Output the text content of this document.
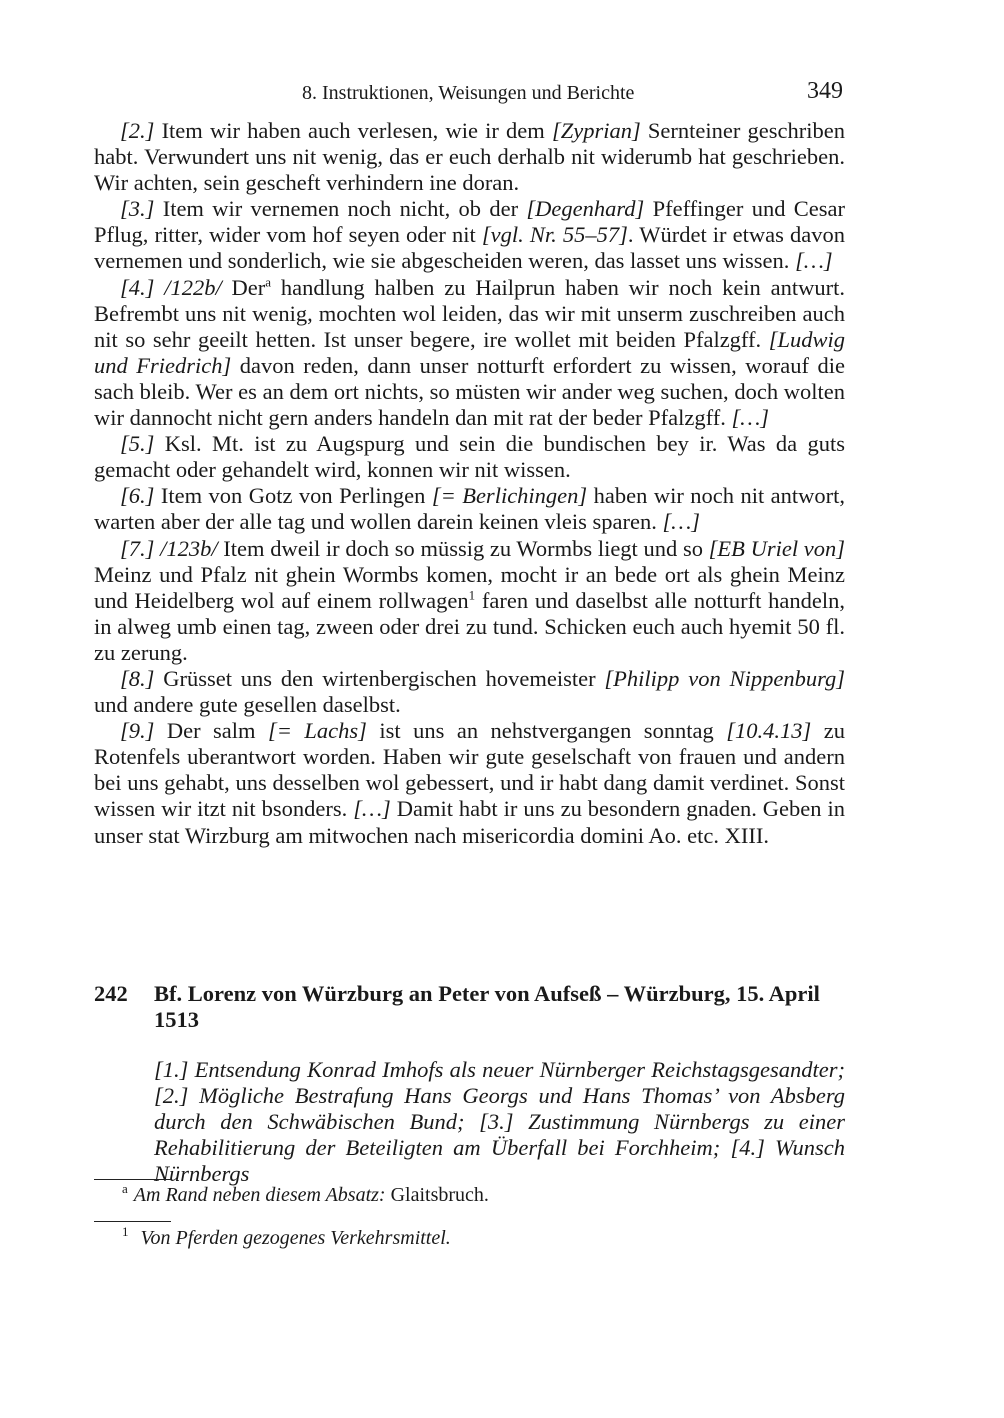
8. Instruktionen, Weisungen und Berichte	349

[2.] Item wir haben auch verlesen, wie ir dem [Zyprian] Sernteiner geschriben habt. Verwundert uns nit wenig, das er euch derhalb nit widerumb hat geschrieben. Wir achten, sein gescheft verhindern ine doran.

[3.] Item wir vernemen noch nicht, ob der [Degenhard] Pfeffinger und Cesar Pflug, ritter, wider vom hof seyen oder nit [vgl. Nr. 55–57]. Würdet ir etwas davon vernemen und sonderlich, wie sie abgescheiden weren, das lasset uns wissen. […]

[4.] /122b/ Der$^a$ handlung halben zu Hailprun haben wir noch kein antwurt. Befrembt uns nit wenig, mochten wol leiden, das wir mit unserm zuschreiben auch nit so sehr geeilt hetten. Ist unser begere, ire wollet mit beiden Pfalzgff. [Ludwig und Friedrich] davon reden, dann unser notturft erfordert zu wissen, worauf die sach bleib. Wer es an dem ort nichts, so müsten wir ander weg suchen, doch wolten wir dannocht nicht gern anders handeln dan mit rat der beder Pfalzgff. […]

[5.] Ksl. Mt. ist zu Augspurg und sein die bundischen bey ir. Was da guts gemacht oder gehandelt wird, konnen wir nit wissen.

[6.] Item von Gotz von Perlingen [= Berlichingen] haben wir noch nit antwort, warten aber der alle tag und wollen darein keinen vleis sparen. […]

[7.] /123b/ Item dweil ir doch so müssig zu Wormbs liegt und so [EB Uriel von] Meinz und Pfalz nit ghein Wormbs komen, mocht ir an bede ort als ghein Meinz und Heidelberg wol auf einem rollwagen$^1$ faren und daselbst alle notturft handeln, in alweg umb einen tag, zween oder drei zu tund. Schicken euch auch hyemit 50 fl. zu zerung.

[8.] Grüsset uns den wirtenbergischen hovemeister [Philipp von Nippenburg] und andere gute gesellen daselbst.

[9.] Der salm [= Lachs] ist uns an nehstvergangen sonntag [10.4.13] zu Rotenfels uberantwort worden. Haben wir gute geselschaft von frauen und andern bei uns gehabt, uns desselben wol gebessert, und ir habt dang damit verdinet. Sonst wissen wir itzt nit bsonders. […] Damit habt ir uns zu besondern gnaden. Geben in unser stat Wirzburg am mitwochen nach misericordia domini Ao. etc. XIII.

242 Bf. Lorenz von Würzburg an Peter von Aufseß – Würzburg, 15. April 1513

[1.] Entsendung Konrad Imhofs als neuer Nürnberger Reichstagsgesandter; [2.] Mögliche Bestrafung Hans Georgs und Hans Thomas’ von Absberg durch den Schwäbischen Bund; [3.] Zustimmung Nürnbergs zu einer Rehabilitierung der Beteiligten am Überfall bei Forchheim; [4.] Wunsch Nürnbergs

$^a$ Am Rand neben diesem Absatz: Glaitsbruch.
$^1$ Von Pferden gezogenes Verkehrsmittel.
